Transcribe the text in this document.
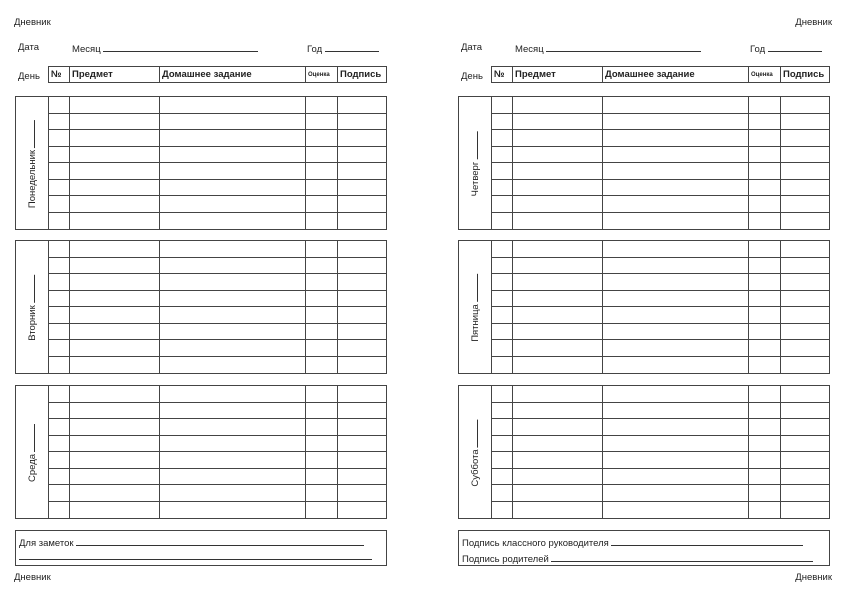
Дневник	Дневник
Дневник	Дневник
Дата	Месяц	Год
День №	Предмет	Домашнее задание	Оценка	Подпись
Понедельник
Вторник
Среда
Для заметок
Дата	Месяц	Год
День №	Предмет	Домашнее задание	Оценка	Подпись
Четверг
Пятница
Суббота
Подпись классного руководителя
Подпись родителей
